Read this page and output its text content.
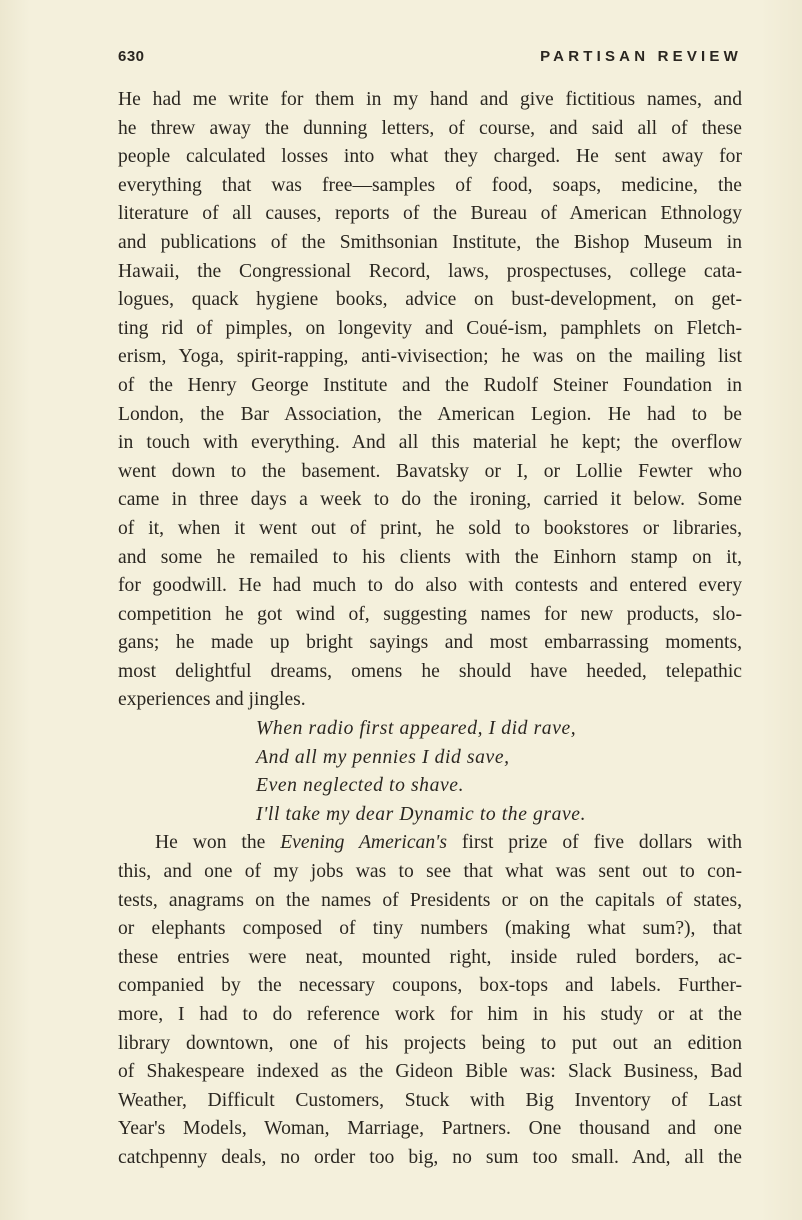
630	PARTISAN REVIEW
He had me write for them in my hand and give fictitious names, and
he threw away the dunning letters, of course, and said all of these
people calculated losses into what they charged. He sent away for
everything that was free—samples of food, soaps, medicine, the
literature of all causes, reports of the Bureau of American Ethnology
and publications of the Smithsonian Institute, the Bishop Museum in
Hawaii, the Congressional Record, laws, prospectuses, college cata-
logues, quack hygiene books, advice on bust-development, on get-
ting rid of pimples, on longevity and Coué-ism, pamphlets on Fletch-
erism, Yoga, spirit-rapping, anti-vivisection; he was on the mailing list
of the Henry George Institute and the Rudolf Steiner Foundation in
London, the Bar Association, the American Legion. He had to be
in touch with everything. And all this material he kept; the overflow
went down to the basement. Bavatsky or I, or Lollie Fewter who
came in three days a week to do the ironing, carried it below. Some
of it, when it went out of print, he sold to bookstores or libraries,
and some he remailed to his clients with the Einhorn stamp on it,
for goodwill. He had much to do also with contests and entered every
competition he got wind of, suggesting names for new products, slo-
gans; he made up bright sayings and most embarrassing moments,
most delightful dreams, omens he should have heeded, telepathic
experiences and jingles.
When radio first appeared, I did rave,
And all my pennies I did save,
Even neglected to shave.
I'll take my dear Dynamic to the grave.
He won the Evening American's first prize of five dollars with
this, and one of my jobs was to see that what was sent out to con-
tests, anagrams on the names of Presidents or on the capitals of states,
or elephants composed of tiny numbers (making what sum?), that
these entries were neat, mounted right, inside ruled borders, ac-
companied by the necessary coupons, box-tops and labels. Further-
more, I had to do reference work for him in his study or at the
library downtown, one of his projects being to put out an edition
of Shakespeare indexed as the Gideon Bible was: Slack Business, Bad
Weather, Difficult Customers, Stuck with Big Inventory of Last
Year's Models, Woman, Marriage, Partners. One thousand and one
catchpenny deals, no order too big, no sum too small. And, all the
